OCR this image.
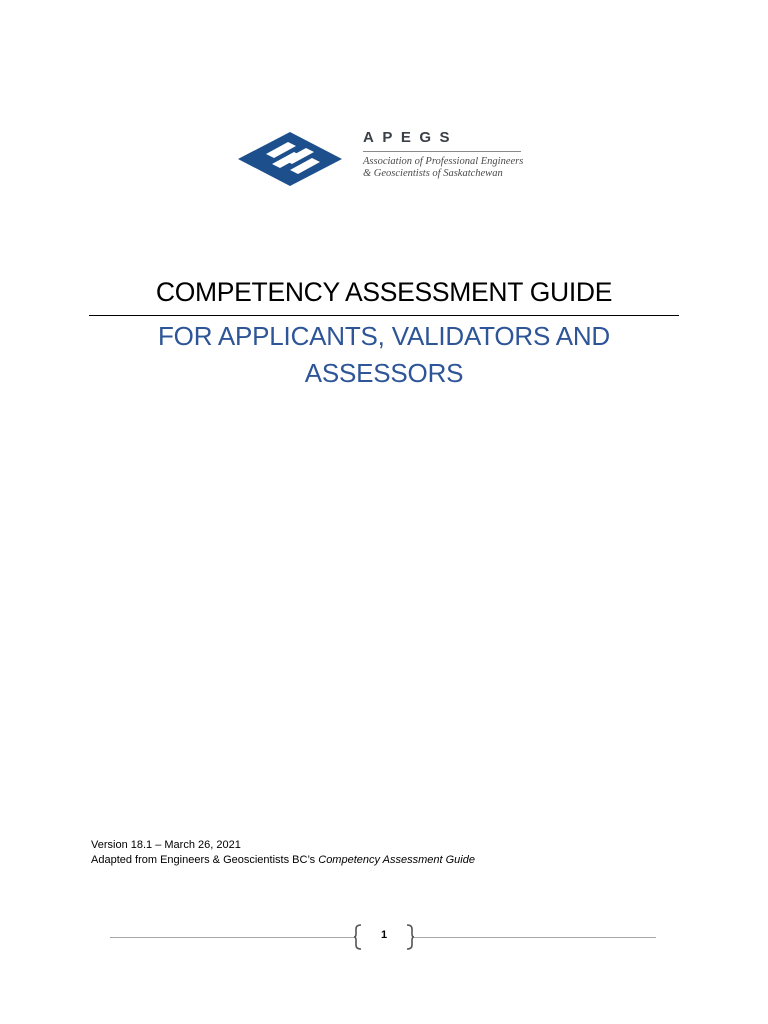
APEGS
Association of Professional Engineers
& Geoscientists of Saskatchewan
COMPETENCY ASSESSMENT GUIDE
FOR APPLICANTS, VALIDATORS AND
ASSESSORS
Version 18.1 – March 26, 2021
Adapted from Engineers & Geoscientists BC’s Competency Assessment Guide
1
